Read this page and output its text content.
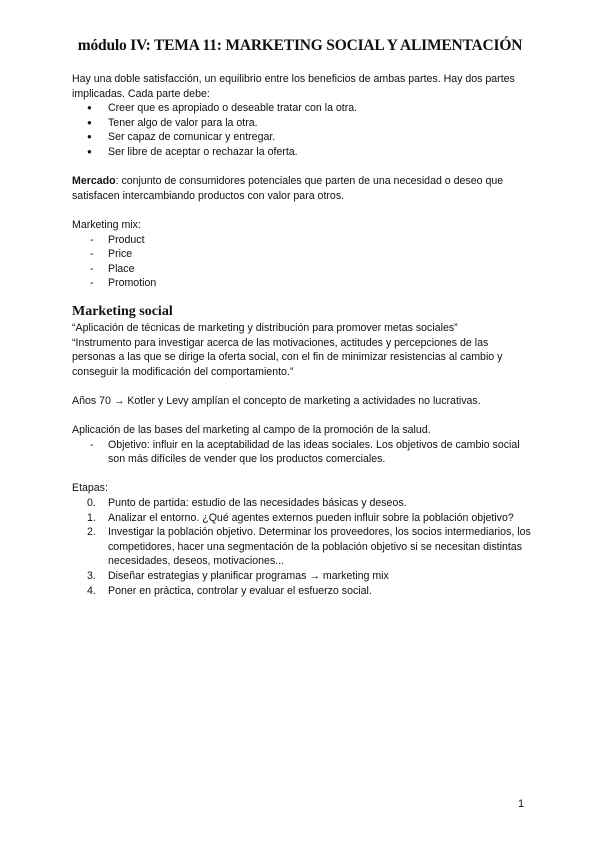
módulo IV: TEMA 11: MARKETING SOCIAL Y ALIMENTACIÓN

Hay una doble satisfacción, un equilibrio entre los beneficios de ambas partes. Hay dos partes implicadas. Cada parte debe:

● Creer que es apropiado o deseable tratar con la otra.
● Tener algo de valor para la otra.
● Ser capaz de comunicar y entregar.
● Ser libre de aceptar o rechazar la oferta.

Mercado: conjunto de consumidores potenciales que parten de una necesidad o deseo que satisfacen intercambiando productos con valor para otros.

Marketing mix:

- Product
- Price
- Place
- Promotion
Marketing social

“Aplicación de técnicas de marketing y distribución para promover metas sociales”

“Instrumento para investigar acerca de las motivaciones, actitudes y percepciones de las personas a las que se dirige la oferta social, con el fin de minimizar resistencias al cambio y conseguir la modificación del comportamiento.”

Años 70 → Kotler y Levy amplían el concepto de marketing a actividades no lucrativas.

Aplicación de las bases del marketing al campo de la promoción de la salud.

- Objetivo: influir en la aceptabilidad de las ideas sociales. Los objetivos de cambio social son más difíciles de vender que los productos comerciales.

Etapas:

0. Punto de partida: estudio de las necesidades básicas y deseos.
1. Analizar el entorno. ¿Qué agentes externos pueden influir sobre la población objetivo?
2. Investigar la población objetivo. Determinar los proveedores, los socios intermediarios, los competidores, hacer una segmentación de la población objetivo si se necesitan distintas necesidades, deseos, motivaciones...
3. Diseñar estrategias y planificar programas → marketing mix
4. Poner en práctica, controlar y evaluar el esfuerzo social.
1
